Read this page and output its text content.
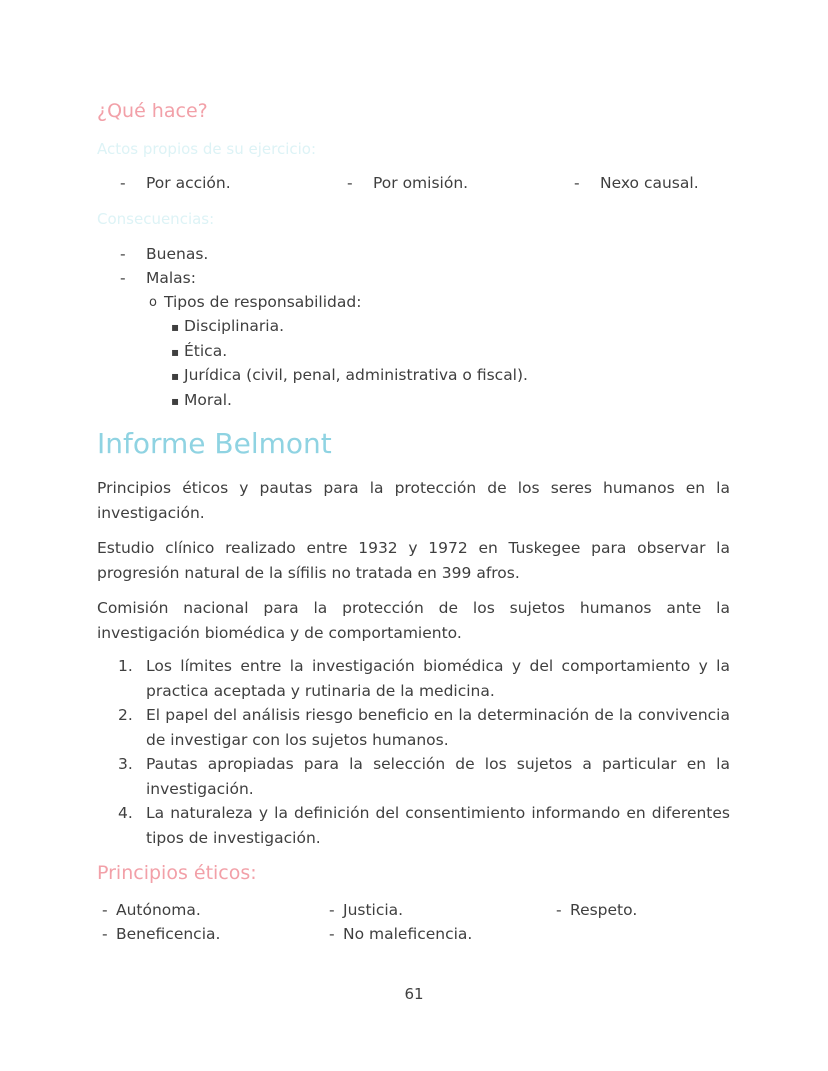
¿Qué hace?
Actos propios de su ejercicio:
- Por acción.	- Por omisión.	- Nexo causal.
Consecuencias:
- Buenas.
- Malas:
o Tipos de responsabilidad:
▪ Disciplinaria.
▪ Ética.
▪ Jurídica (civil, penal, administrativa o fiscal).
▪ Moral.
Informe Belmont
Principios éticos y pautas para la protección de los seres humanos en la investigación.
Estudio clínico realizado entre 1932 y 1972 en Tuskegee para observar la progresión natural de la sífilis no tratada en 399 afros.
Comisión nacional para la protección de los sujetos humanos ante la investigación biomédica y de comportamiento.
1. Los límites entre la investigación biomédica y del comportamiento y la practica aceptada y rutinaria de la medicina.
2. El papel del análisis riesgo beneficio en la determinación de la convivencia de investigar con los sujetos humanos.
3. Pautas apropiadas para la selección de los sujetos a particular en la investigación.
4. La naturaleza y la definición del consentimiento informando en diferentes tipos de investigación.
Principios éticos:
- Autónoma.	- Justicia.	- Respeto.
- Beneficencia.	- No maleficencia.
61
